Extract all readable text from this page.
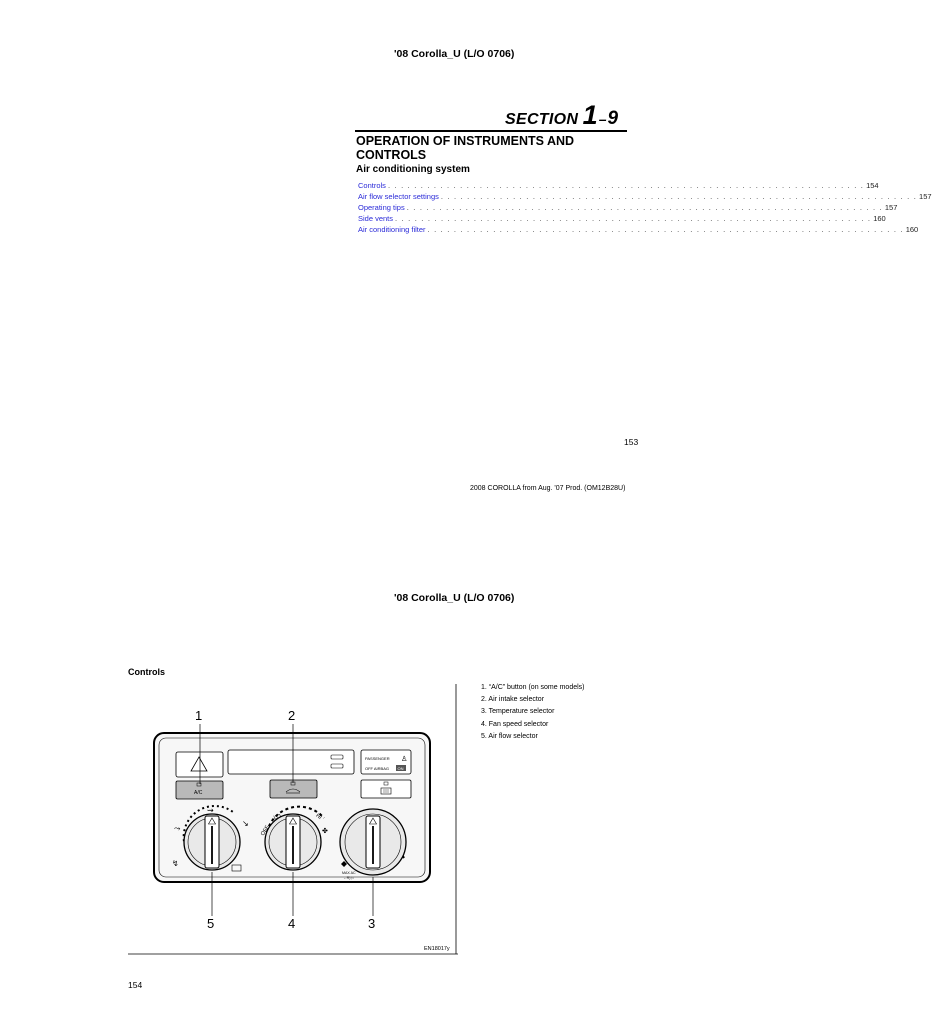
'08 Corolla_U (L/O 0706)
SECTION 1–9
OPERATION OF INSTRUMENTS AND CONTROLS
Air conditioning system
Controls . . . . . . . . . . . . . . . . . . . . . . . . . . . . . . . . . . . . . . . . . . . . . . . . . . . . . . . . . . . . . . . . . . . . . . . . . 154
Air flow selector settings . . . . . . . . . . . . . . . . . . . . . . . . . . . . . . . . . . . . . . . . . . . . . . . . . . . . . . . . . . . . . . . . . . . . . . . . . 157
Operating tips . . . . . . . . . . . . . . . . . . . . . . . . . . . . . . . . . . . . . . . . . . . . . . . . . . . . . . . . . . . . . . . . . . . . . . . . . 157
Side vents . . . . . . . . . . . . . . . . . . . . . . . . . . . . . . . . . . . . . . . . . . . . . . . . . . . . . . . . . . . . . . . . . . . . . . . . . 160
Air conditioning filter . . . . . . . . . . . . . . . . . . . . . . . . . . . . . . . . . . . . . . . . . . . . . . . . . . . . . . . . . . . . . . . . . . . . . . . . . 160
153
2008 COROLLA from Aug. '07 Prod. (OM12B28U)
'08 Corolla_U (L/O 0706)
Controls
1. “A/C” button (on some models)
2. Air intake selector
3. Temperature selector
4. Fan speed selector
5. Air flow selector
PASSENGER ♙
OFF AIRBAG ON
A/C
⤳
⇝
↘
↯
OFF
LO	HI
✤
MAX AC
←R) ▷
1	2
5	4	3
EN18017y
154
